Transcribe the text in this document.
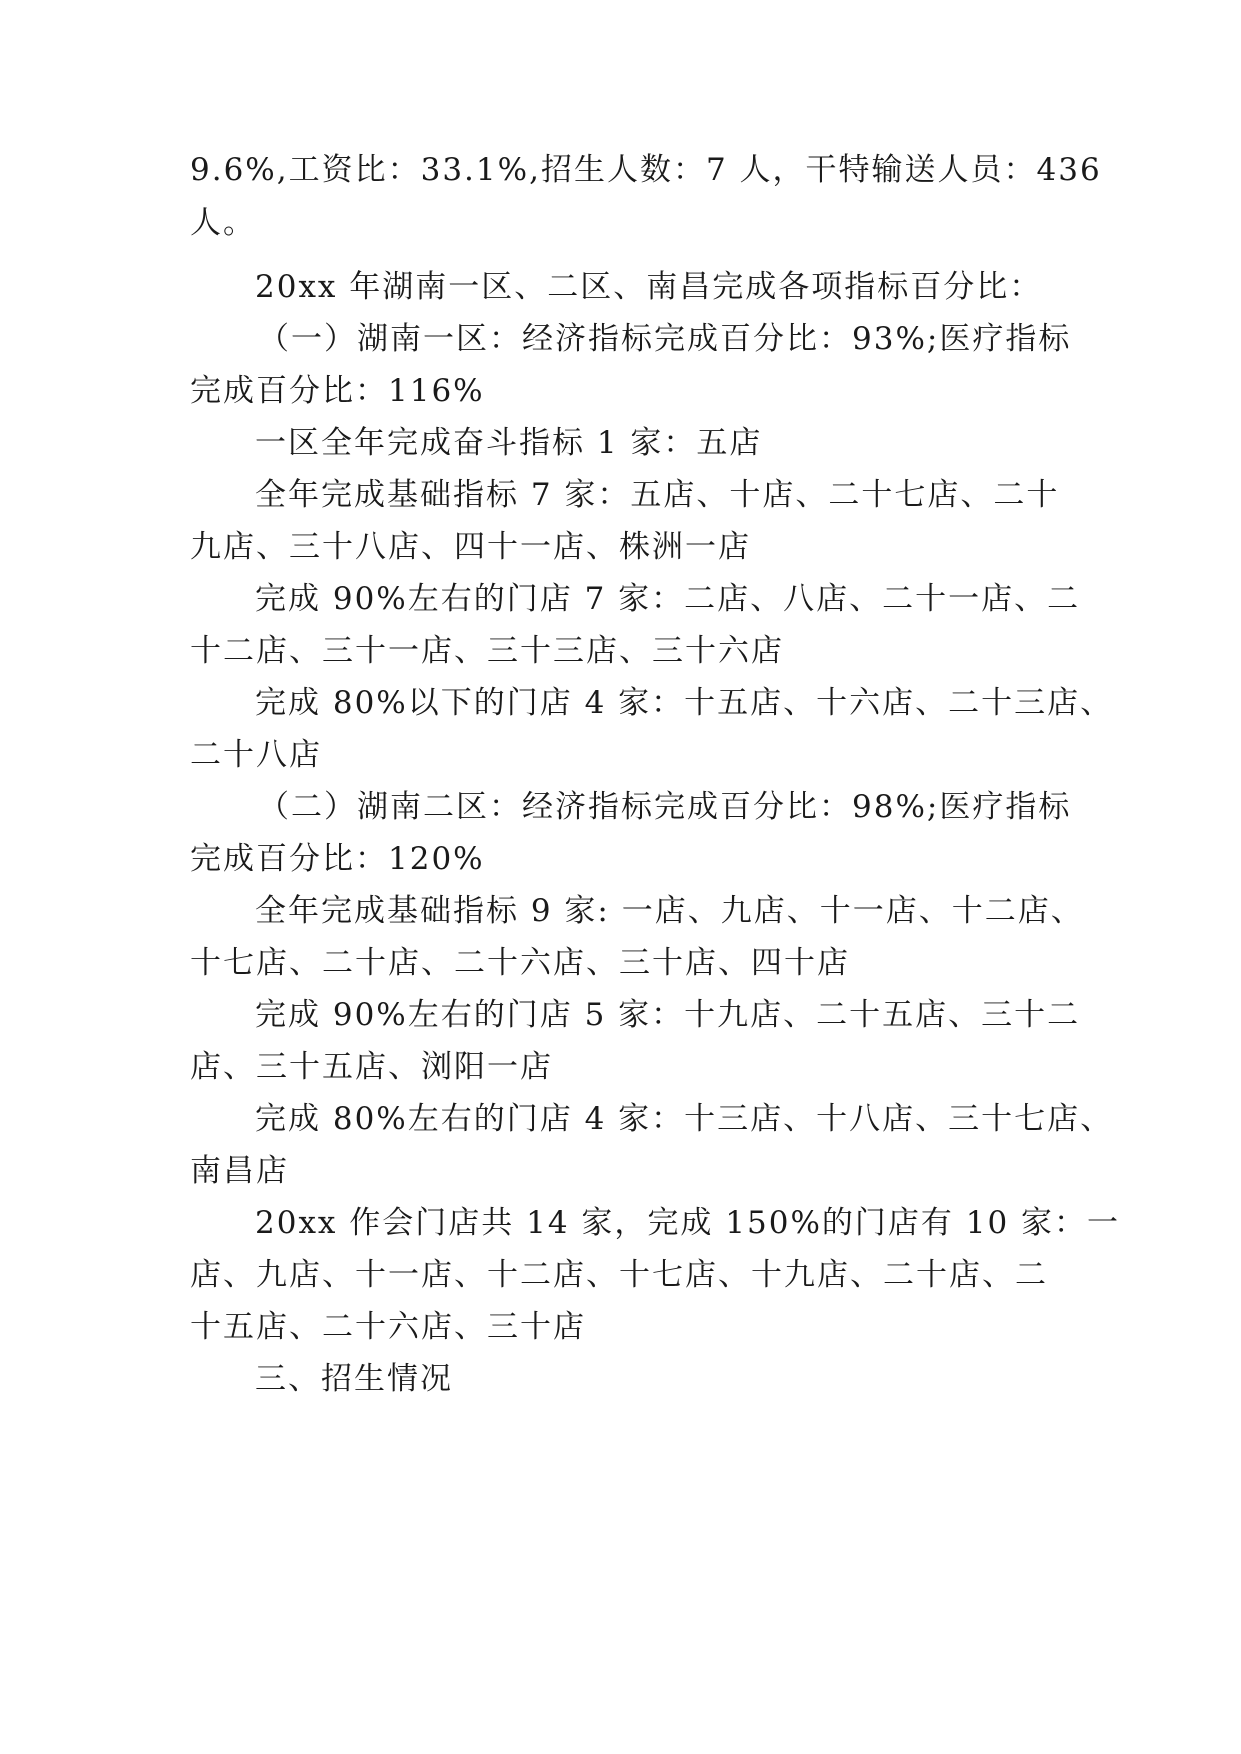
9.6%,工资比：33.1%,招生人数：7 人，干特输送人员：436
人。
20xx 年湖南一区、二区、南昌完成各项指标百分比：
（一）湖南一区：经济指标完成百分比：93%;医疗指标
完成百分比：116%
一区全年完成奋斗指标 1 家：五店
全年完成基础指标 7 家：五店、十店、二十七店、二十
九店、三十八店、四十一店、株洲一店
完成 90%左右的门店 7 家：二店、八店、二十一店、二
十二店、三十一店、三十三店、三十六店
完成 80%以下的门店 4 家：十五店、十六店、二十三店、
二十八店
（二）湖南二区：经济指标完成百分比：98%;医疗指标
完成百分比：120%
全年完成基础指标 9 家: 一店、九店、十一店、十二店、
十七店、二十店、二十六店、三十店、四十店
完成 90%左右的门店 5 家：十九店、二十五店、三十二
店、三十五店、浏阳一店
完成 80%左右的门店 4 家：十三店、十八店、三十七店、
南昌店
20xx 作会门店共 14 家，完成 150%的门店有 10 家：一
店、九店、十一店、十二店、十七店、十九店、二十店、二
十五店、二十六店、三十店
三、招生情况
